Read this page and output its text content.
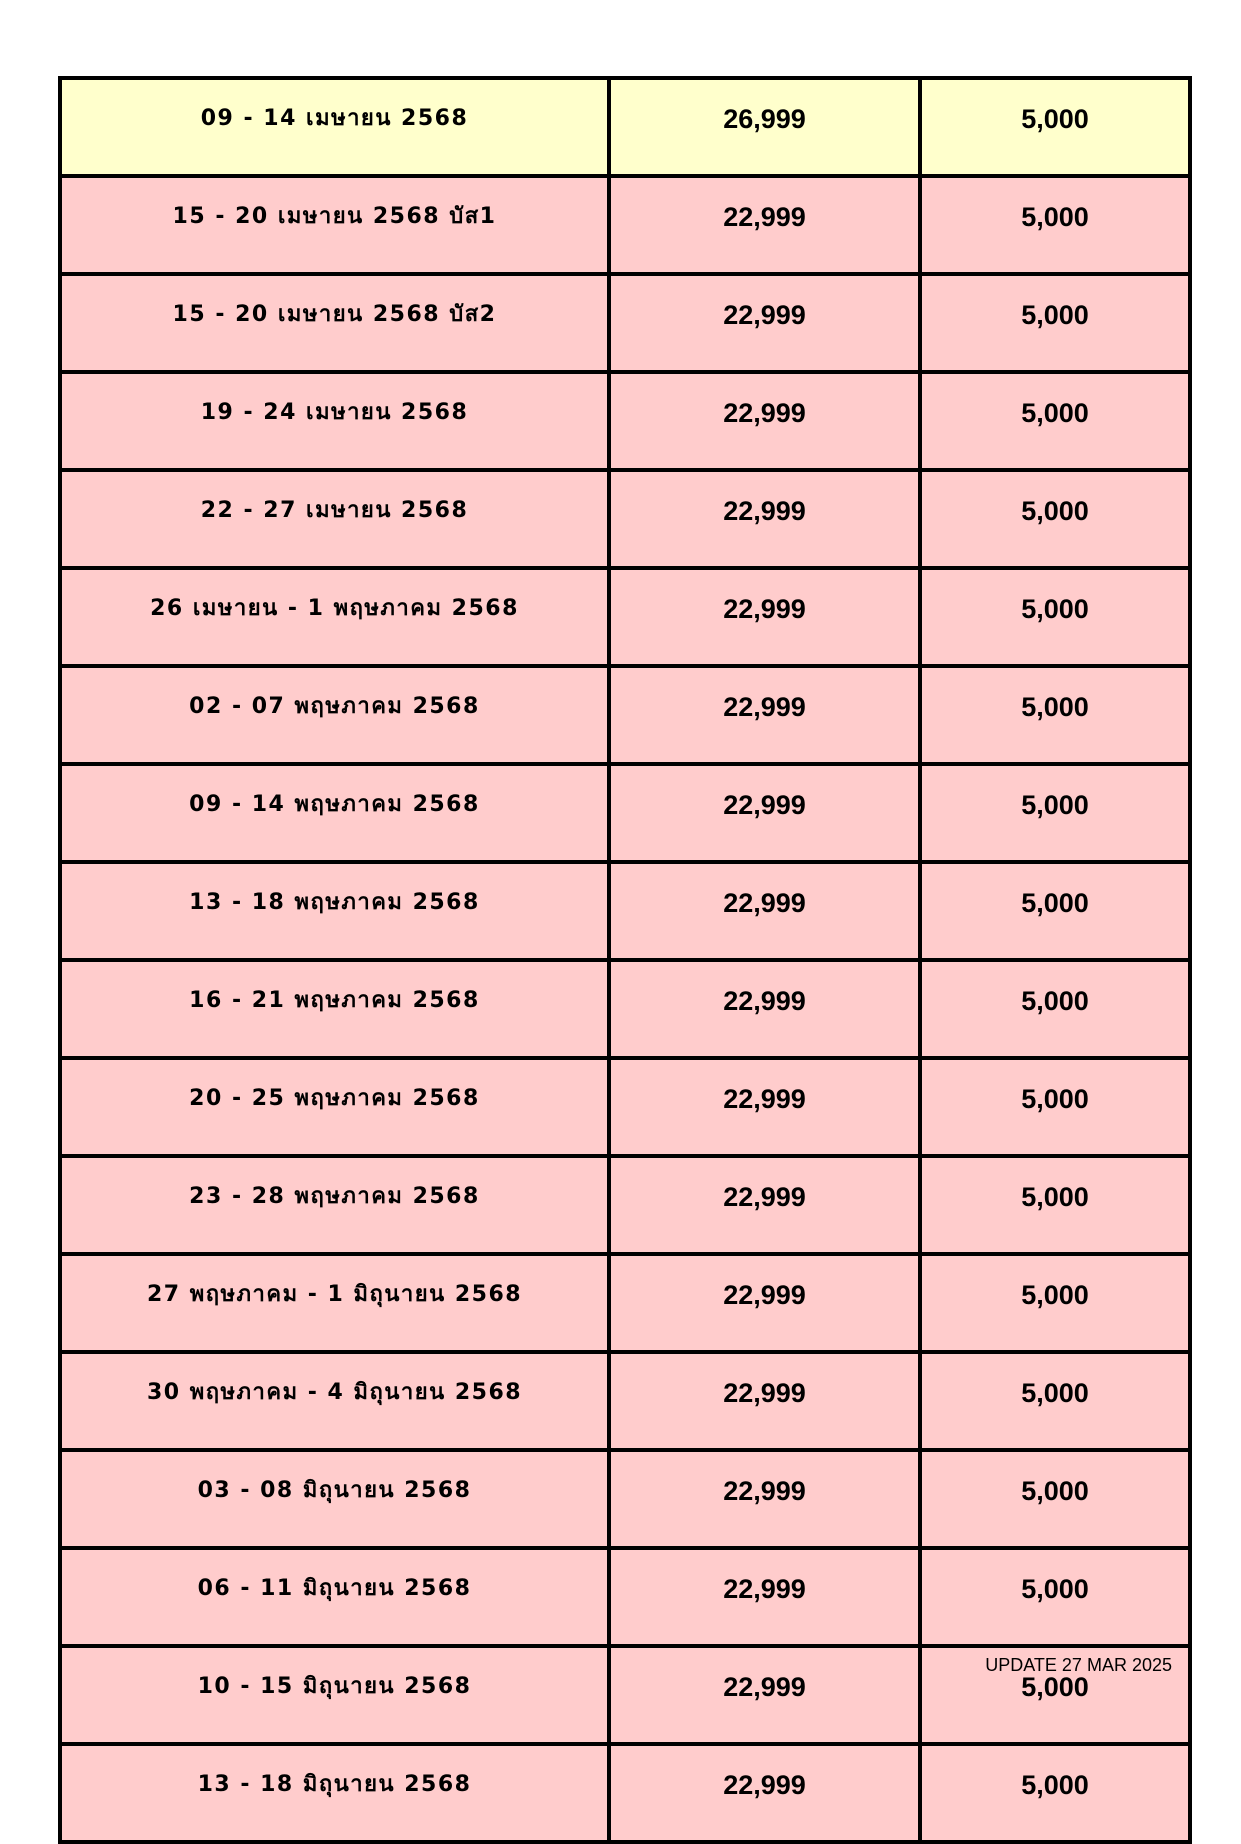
09 - 14 เมษายน 2568	26,999	5,000
15 - 20 เมษายน 2568 บัส1	22,999	5,000
15 - 20 เมษายน 2568 บัส2	22,999	5,000
19 - 24 เมษายน 2568	22,999	5,000
22 - 27 เมษายน 2568	22,999	5,000
26 เมษายน - 1 พฤษภาคม 2568	22,999	5,000
02 - 07 พฤษภาคม 2568	22,999	5,000
09 - 14 พฤษภาคม 2568	22,999	5,000
13 - 18 พฤษภาคม 2568	22,999	5,000
16 - 21 พฤษภาคม 2568	22,999	5,000
20 - 25 พฤษภาคม 2568	22,999	5,000
23 - 28 พฤษภาคม 2568	22,999	5,000
27 พฤษภาคม - 1 มิถุนายน 2568	22,999	5,000
30 พฤษภาคม - 4 มิถุนายน 2568	22,999	5,000
03 - 08 มิถุนายน 2568	22,999	5,000
06 - 11 มิถุนายน 2568	22,999	5,000
10 - 15 มิถุนายน 2568	22,999	5,000
13 - 18 มิถุนายน 2568	22,999	5,000
UPDATE 27 MAR 2025
